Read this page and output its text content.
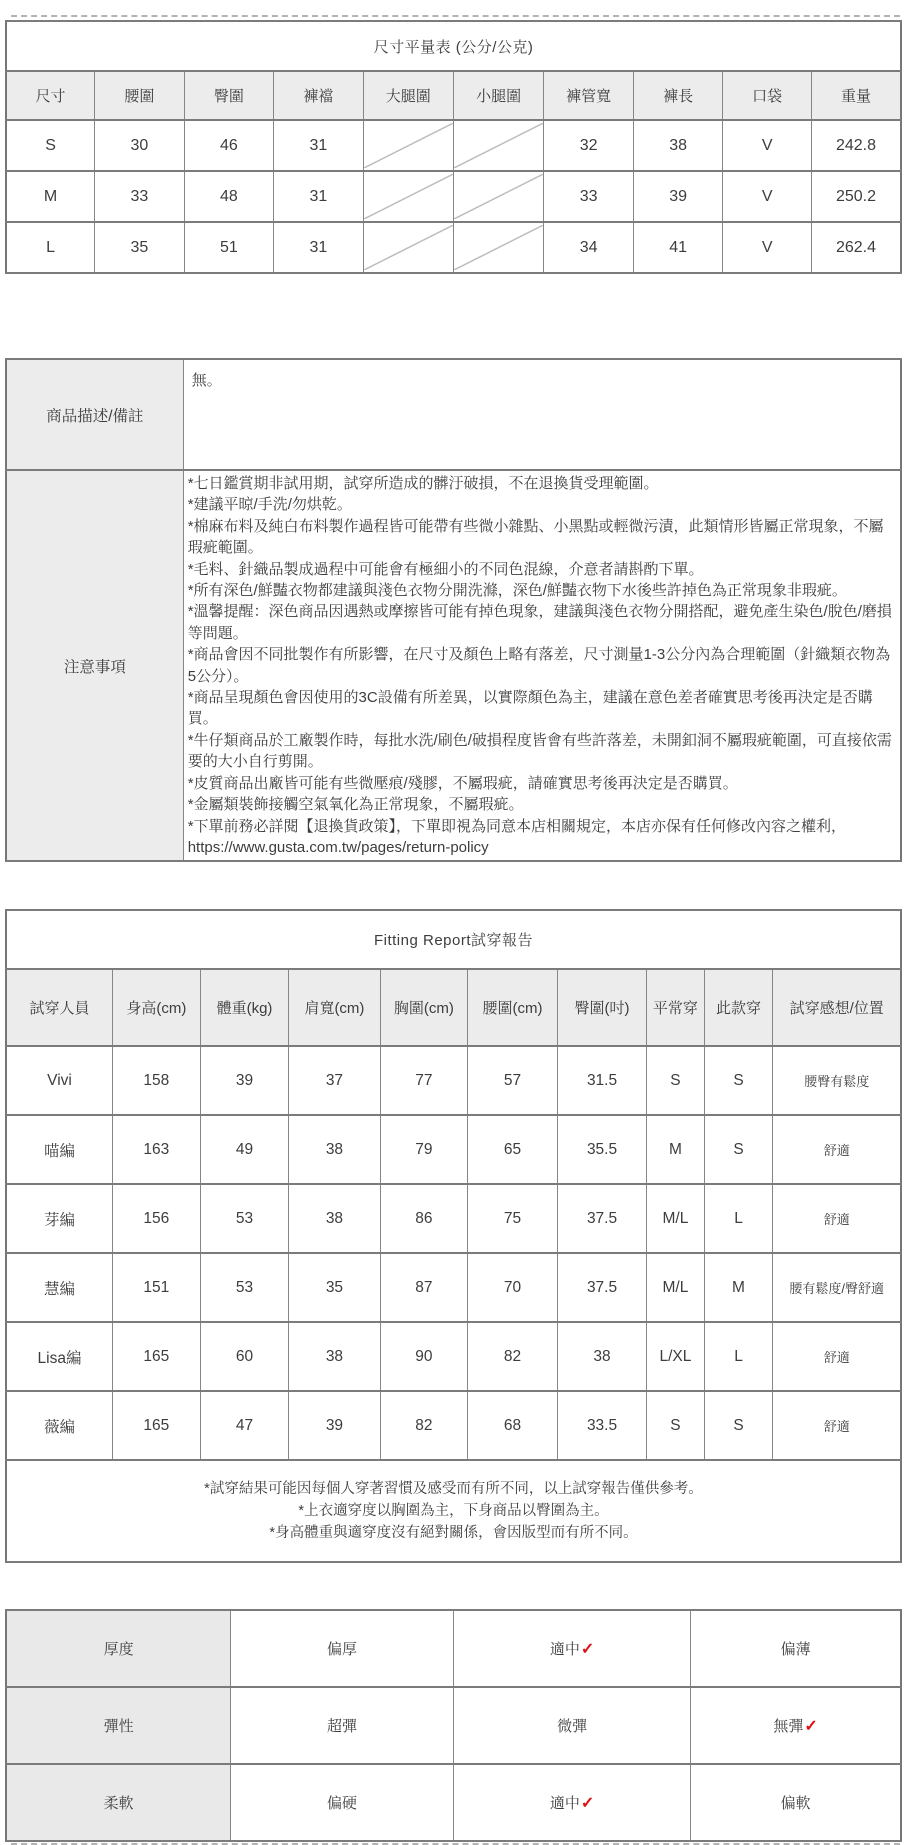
尺寸平量表 (公分/公克)									
尺寸	腰圍	臀圍	褲襠	大腿圍	小腿圍	褲管寬	褲長	口袋	重量
S	30	46	31			32	38	V	242.8
M	33	48	31			33	39	V	250.2
L	35	51	31			34	41	V	262.4
商品描述/備註	無。
注意事項	
*七日鑑賞期非試用期，試穿所造成的髒汙破損，不在退換貨受理範圍。
*建議平晾/手洗/勿烘乾。
*棉麻布料及純白布料製作過程皆可能帶有些微小雜點、小黑點或輕微污漬，此類情形皆屬正常現象，不屬瑕疵範圍。
*毛料、針織品製成過程中可能會有極細小的不同色混線，介意者請斟酌下單。
*所有深色/鮮豔衣物都建議與淺色衣物分開洗滌，深色/鮮豔衣物下水後些許掉色為正常現象非瑕疵。
*溫馨提醒：深色商品因遇熱或摩擦皆可能有掉色現象，建議與淺色衣物分開搭配，避免產生染色/脫色/磨損等問題。
*商品會因不同批製作有所影響，在尺寸及顏色上略有落差，尺寸測量1-3公分內為合理範圍（針織類衣物為5公分）。
*商品呈現顏色會因使用的3C設備有所差異，以實際顏色為主，建議在意色差者確實思考後再決定是否購買。
*牛仔類商品於工廠製作時，每批水洗/刷色/破損程度皆會有些許落差，未開釦洞不屬瑕疵範圍，可直接依需要的大小自行剪開。
*皮質商品出廠皆可能有些微壓痕/殘膠，不屬瑕疵，請確實思考後再決定是否購買。
*金屬類裝飾接觸空氣氧化為正常現象，不屬瑕疵。
*下單前務必詳閱【退換貨政策】，下單即視為同意本店相關規定，本店亦保有任何修改內容之權利，
https://www.gusta.com.tw/pages/return-policy
Fitting Report試穿報告									
試穿人員	身高(cm)	體重(kg)	肩寬(cm)	胸圍(cm)	腰圍(cm)	臀圍(吋)	平常穿	此款穿	試穿感想/位置
Vivi	158	39	37	77	57	31.5	S	S	腰臀有鬆度
喵編	163	49	38	79	65	35.5	M	S	舒適
芽編	156	53	38	86	75	37.5	M/L	L	舒適
慧編	151	53	35	87	70	37.5	M/L	M	腰有鬆度/臀舒適
Lisa編	165	60	38	90	82	38	L/XL	L	舒適
薇編	165	47	39	82	68	33.5	S	S	舒適

*試穿結果可能因每個人穿著習慣及感受而有所不同，以上試穿報告僅供參考。
*上衣適穿度以胸圍為主，下身商品以臀圍為主。
*身高體重與適穿度沒有絕對關係，會因版型而有所不同。									
厚度	偏厚	適中✓	偏薄
彈性	超彈	微彈	無彈✓
柔軟	偏硬	適中✓	偏軟
